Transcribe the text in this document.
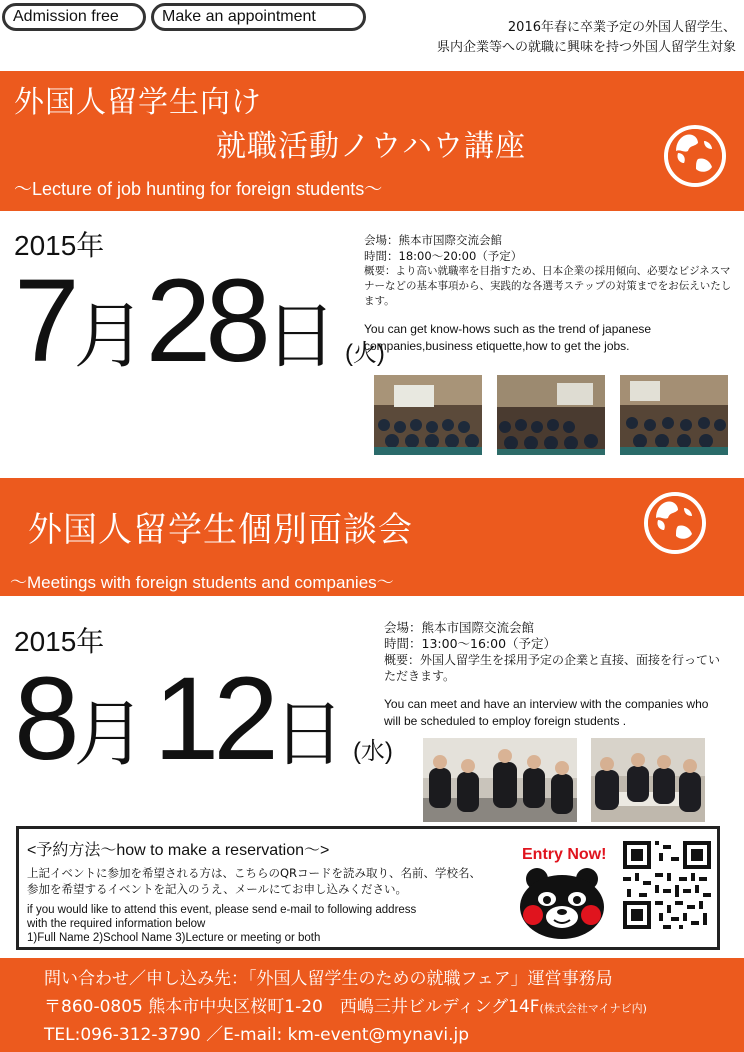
Admission free	Make an appointment
2016年春に卒業予定の外国人留学生、
県内企業等への就職に興味を持つ外国人留学生対象
外国人留学生向け
就職活動ノウハウ講座
～Lecture of job hunting for foreign students～
2015年
7月28日 (火)
会場：熊本市国際交流会館
時間：18:00～20:00（予定）
概要：より高い就職率を目指すため、日本企業の採用傾向、必要なビジネスマナーなどの基本事項から、実践的な各選考ステップの対策までをお伝えいたします。
You can get know-hows such as the trend of japanese companies,business etiquette,how to get the jobs.
外国人留学生個別面談会
～Meetings with foreign students and companies～
2015年
8月12日 (水)
会場：熊本市国際交流会館
時間：13:00～16:00（予定）
概要：外国人留学生を採用予定の企業と直接、面接を行っていただきます。
You can meet and have an interview with the companies who will be scheduled to employ foreign students .
<予約方法～how to make a reservation～>
上記イベントに参加を希望される方は、こちらのQRコードを読み取り、名前、学校名、
参加を希望するイベントを記入のうえ、メールにてお申し込みください。
if you would like to attend this event, please send e-mail to following address
with the required information below
1)Full Name 2)School Name 3)Lecture or meeting or both
Entry Now!
問い合わせ／申し込み先：「外国人留学生のための就職フェア」運営事務局
〒860-0805 熊本市中央区桜町1-20　西嶋三井ビルディング14F(株式会社マイナビ内)
TEL:096-312-3790 ／E-mail: km-event@mynavi.jp
